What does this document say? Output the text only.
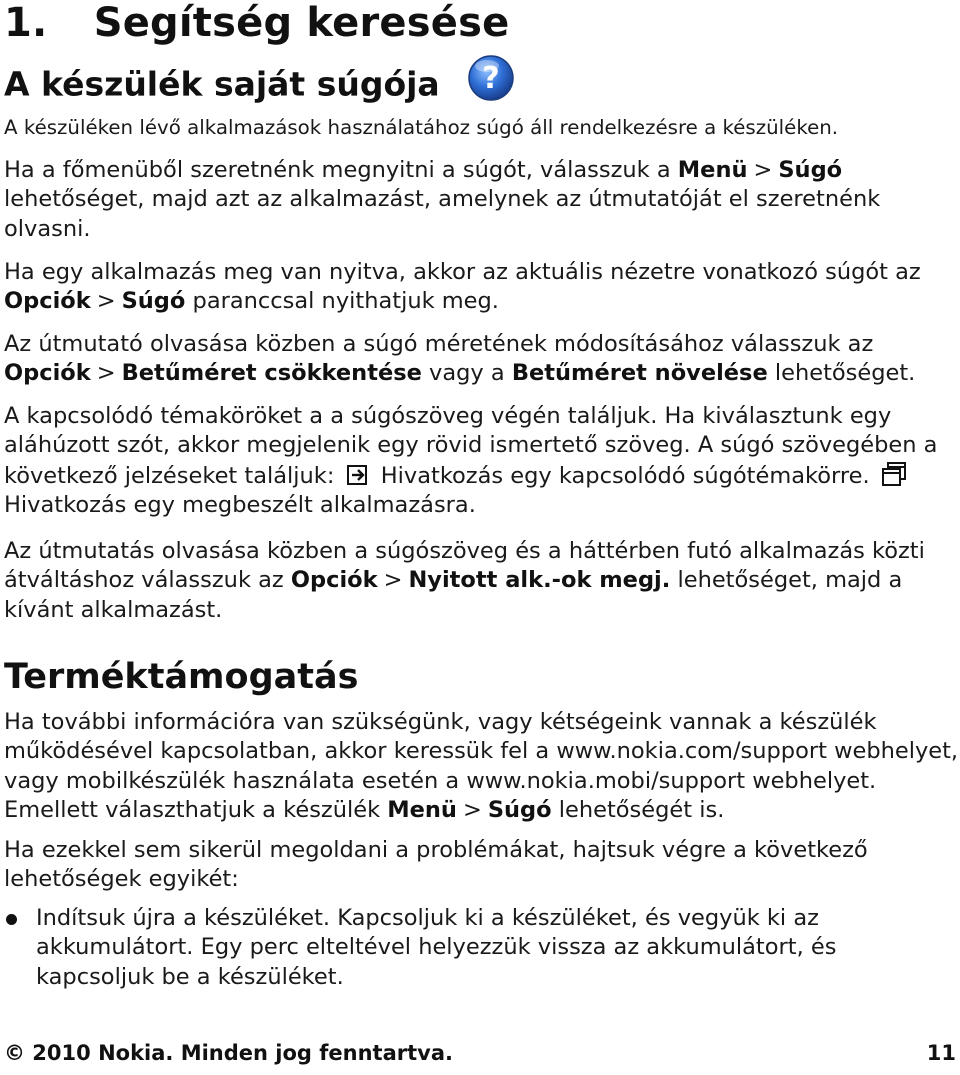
1. Segítség keresése
A készülék saját súgója ?

A készüléken lévő alkalmazások használatához súgó áll rendelkezésre a készüléken.

Ha a főmenüből szeretnénk megnyitni a súgót, válasszuk a Menü > Súgó lehetőséget, majd azt az alkalmazást, amelynek az útmutatóját el szeretnénk olvasni.

Ha egy alkalmazás meg van nyitva, akkor az aktuális nézetre vonatkozó súgót az Opciók > Súgó paranccsal nyithatjuk meg.

Az útmutató olvasása közben a súgó méretének módosításához válasszuk az Opciók > Betűméret csökkentése vagy a Betűméret növelése lehetőséget.

A kapcsolódó témaköröket a a súgószöveg végén találjuk. Ha kiválasztunk egy aláhúzott szót, akkor megjelenik egy rövid ismertető szöveg. A súgó szövegében a következő jelzéseket találjuk: Hivatkozás egy kapcsolódó súgótémakörre.  Hivatkozás egy megbeszélt alkalmazásra.

Az útmutatás olvasása közben a súgószöveg és a háttérben futó alkalmazás közti átváltáshoz válasszuk az Opciók > Nyitott alk.-ok megj. lehetőséget, majd a kívánt alkalmazást.

Terméktámogatás

Ha további információra van szükségünk, vagy kétségeink vannak a készülék működésével kapcsolatban, akkor keressük fel a www.nokia.com/support webhelyet, vagy mobilkészülék használata esetén a www.nokia.mobi/support webhelyet. Emellett választhatjuk a készülék Menü > Súgó lehetőségét is.

Ha ezekkel sem sikerül megoldani a problémákat, hajtsuk végre a következő lehetőségek egyikét:

Indítsuk újra a készüléket. Kapcsoljuk ki a készüléket, és vegyük ki az akkumulátort. Egy perc elteltével helyezzük vissza az akkumulátort, és kapcsoljuk be a készüléket.
© 2010 Nokia. Minden jog fenntartva.	11
